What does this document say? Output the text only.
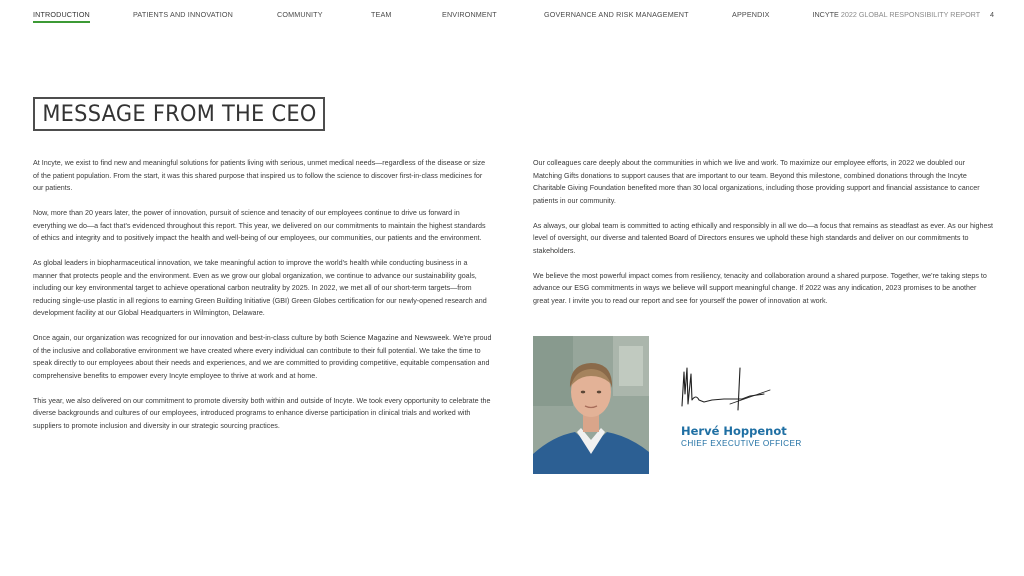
INTRODUCTION	PATIENTS AND INNOVATION	COMMUNITY	TEAM	ENVIRONMENT	GOVERNANCE AND RISK MANAGEMENT	APPENDIX	INCYTE 2022 GLOBAL RESPONSIBILITY REPORT 4
MESSAGE FROM THE CEO

At Incyte, we exist to find new and meaningful solutions for patients living with serious, unmet medical needs—regardless of the disease or size of the patient population. From the start, it was this shared purpose that inspired us to follow the science to discover first-in-class medicines for our patients.

Now, more than 20 years later, the power of innovation, pursuit of science and tenacity of our employees continue to drive us forward in everything we do—a fact that's evidenced throughout this report. This year, we delivered on our commitments to maintain the highest standards of ethics and integrity and to positively impact the health and well-being of our employees, our communities, our patients and the environment.

As global leaders in biopharmaceutical innovation, we take meaningful action to improve the world's health while conducting business in a manner that protects people and the environment. Even as we grow our global organization, we continue to advance our sustainability goals, including our key environmental target to achieve operational carbon neutrality by 2025. In 2022, we met all of our short-term targets—from reducing single-use plastic in all regions to earning Green Building Initiative (GBI) Green Globes certification for our newly-opened research and development facility at our Global Headquarters in Wilmington, Delaware.

Once again, our organization was recognized for our innovation and best-in-class culture by both Science Magazine and Newsweek. We're proud of the inclusive and collaborative environment we have created where every individual can contribute to their full potential. We take the time to speak directly to our employees about their needs and experiences, and we are committed to providing competitive, equitable compensation and comprehensive benefits to empower every Incyte employee to thrive at work and at home.

This year, we also delivered on our commitment to promote diversity both within and outside of Incyte. We took every opportunity to celebrate the diverse backgrounds and cultures of our employees, introduced programs to enhance diverse participation in clinical trials and worked with suppliers to promote inclusion and diversity in our strategic sourcing practices.

Our colleagues care deeply about the communities in which we live and work. To maximize our employee efforts, in 2022 we doubled our Matching Gifts donations to support causes that are important to our team. Beyond this milestone, combined donations through the Incyte Charitable Giving Foundation benefited more than 30 local organizations, including those providing support and financial assistance to cancer patients in our community.

As always, our global team is committed to acting ethically and responsibly in all we do—a focus that remains as steadfast as ever. As our highest level of oversight, our diverse and talented Board of Directors ensures we uphold these high standards and deliver on our commitments to stakeholders.

We believe the most powerful impact comes from resiliency, tenacity and collaboration around a shared purpose. Together, we're taking steps to advance our ESG commitments in ways we believe will support meaningful change. If 2022 was any indication, 2023 promises to be another great year. I invite you to read our report and see for yourself the power of innovation at work.

Hervé Hoppenot
CHIEF EXECUTIVE OFFICER
